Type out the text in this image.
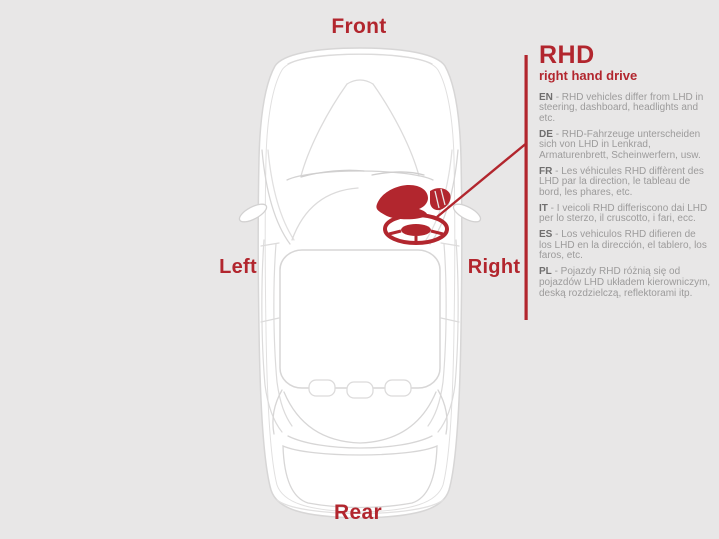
Front
Rear
Left	Right
RHD
right hand drive

EN - RHD vehicles differ from LHD in steering, dashboard, headlights and etc.

DE - RHD-Fahrzeuge unterscheiden sich von LHD in Lenkrad, Armaturenbrett, Scheinwerfern, usw.

FR - Les véhicules RHD diffèrent des LHD par la direction, le tableau de bord, les phares, etc.

IT - I veicoli RHD differiscono dai LHD per lo sterzo, il cruscotto, i fari, ecc.

ES - Los vehiculos RHD difieren de los LHD en la dirección, el tablero, los faros, etc.

PL - Pojazdy RHD różnią się od pojazdów LHD układem kierowniczym, deską rozdzielczą, reflektorami itp.
